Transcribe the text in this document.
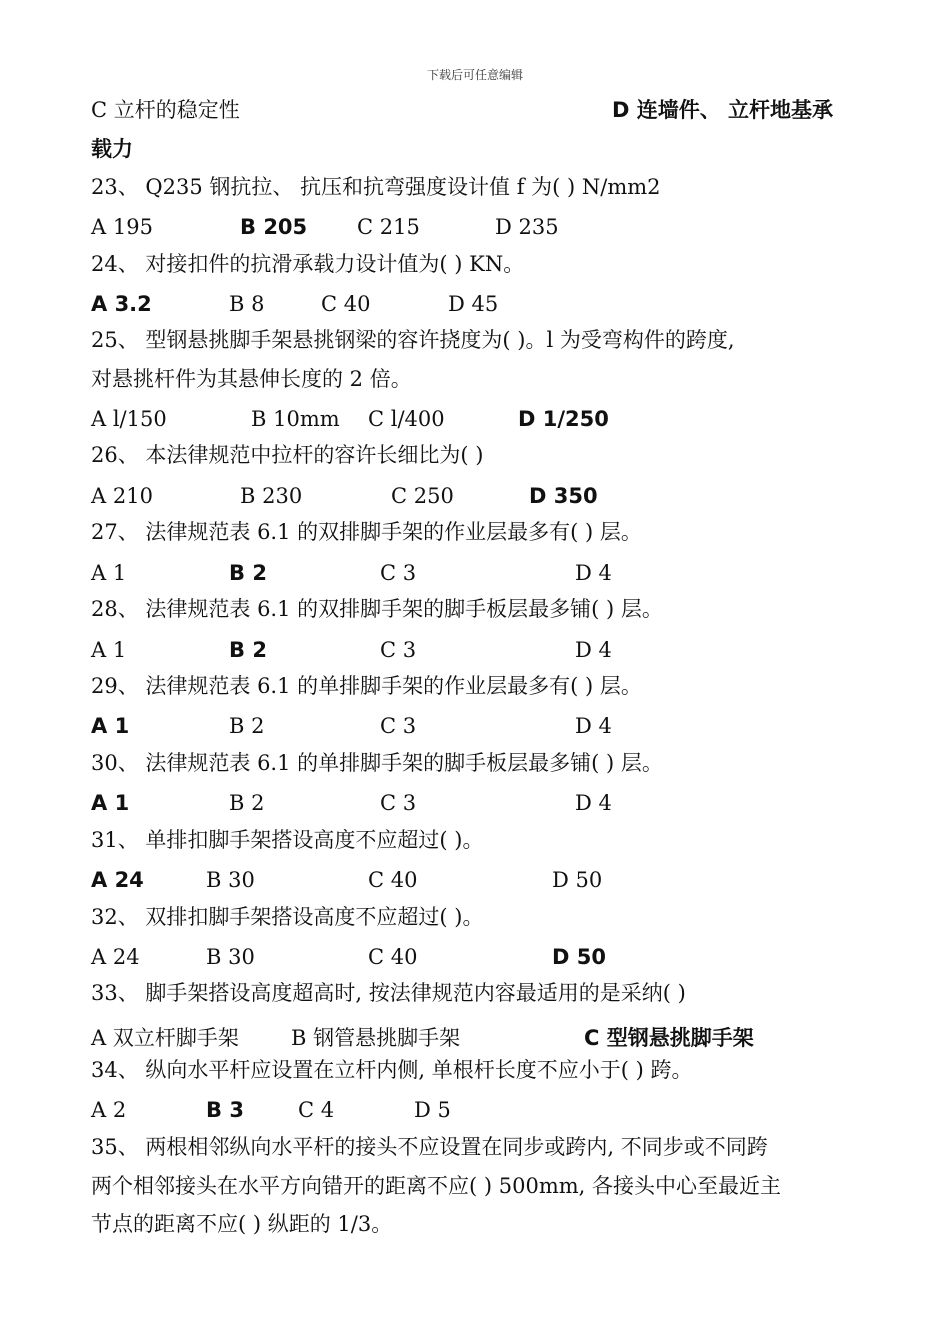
下载后可任意编辑
C 立杆的稳定性	D 连墙件、 立杆地基承
载力
23、 Q235 钢抗拉、 抗压和抗弯强度设计值 f 为( ) N/mm2
A 195	B 205 C 215	D 235
24、 对接扣件的抗滑承载力设计值为( ) KN。
A 3.2	B 8	C 40	D 45
25、 型钢悬挑脚手架悬挑钢梁的容许挠度为( )。l 为受弯构件的跨度,
对悬挑杆件为其悬伸长度的 2 倍。
A l/150	B 10mm C l/400	D 1/250
26、 本法律规范中拉杆的容许长细比为( )
A 210	B 230	C 250	D 350
27、 法律规范表 6.1 的双排脚手架的作业层最多有( ) 层。
A 1	B 2	C 3	D 4
28、 法律规范表 6.1 的双排脚手架的脚手板层最多铺( ) 层。
A 1	B 2	C 3	D 4
29、 法律规范表 6.1 的单排脚手架的作业层最多有( ) 层。
A 1	B 2	C 3	D 4
30、 法律规范表 6.1 的单排脚手架的脚手板层最多铺( ) 层。
A 1	B 2	C 3	D 4
31、 单排扣脚手架搭设高度不应超过( )。
A 24	B 30	C 40	D 50
32、 双排扣脚手架搭设高度不应超过( )。
A 24	B 30	C 40	D 50
33、 脚手架搭设高度超高时, 按法律规范内容最适用的是采纳( )
A 双立杆脚手架 B 钢管悬挑脚手架	C 型钢悬挑脚手架
34、 纵向水平杆应设置在立杆内侧, 单根杆长度不应小于( ) 跨。
A 2	B 3	C 4	D 5
35、 两根相邻纵向水平杆的接头不应设置在同步或跨内, 不同步或不同跨
两个相邻接头在水平方向错开的距离不应( ) 500mm, 各接头中心至最近主
节点的距离不应( ) 纵距的 1/3。
